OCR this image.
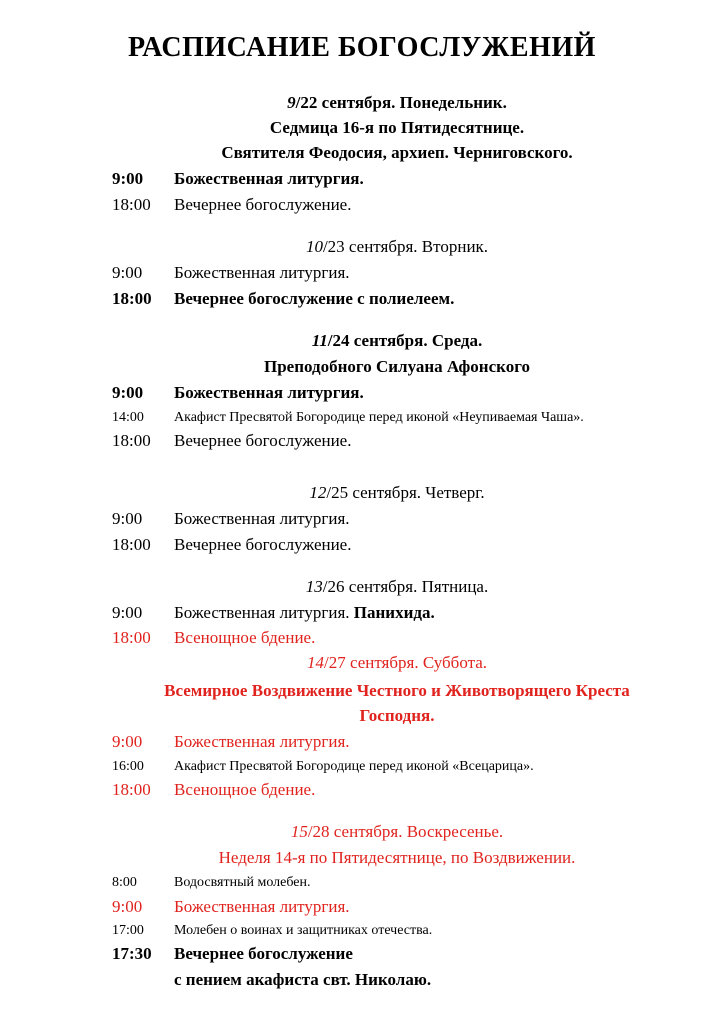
РАСПИСАНИЕ БОГОСЛУЖЕНИЙ
9/22 сентября. Понедельник.
Седмица 16-я по Пятидесятнице.
Святителя Феодосия, архиеп. Черниговского.
9:00 Божественная литургия.
18:00 Вечернее богослужение.
10/23 сентября. Вторник.
9:00 Божественная литургия.
18:00 Вечернее богослужение с полиелеем.
11/24 сентября. Среда.
Преподобного Силуана Афонского
9:00 Божественная литургия.
14:00 Акафист Пресвятой Богородице перед иконой «Неупиваемая Чаша».
18:00 Вечернее богослужение.
12/25 сентября. Четверг.
9:00 Божественная литургия.
18:00 Вечернее богослужение.
13/26 сентября. Пятница.
9:00 Божественная литургия. Панихида.
18:00 Всенощное бдение.
14/27 сентября. Суббота.
Всемирное Воздвижение Честного и Животворящего Креста
Господня.
9:00 Божественная литургия.
16:00 Акафист Пресвятой Богородице перед иконой «Всецарица».
18:00 Всенощное бдение.
15/28 сентября. Воскресенье.
Неделя 14-я по Пятидесятнице, по Воздвижении.
8:00	Водосвятный молебен.
9:00 Божественная литургия.
17:00 Молебен о воинах и защитниках отечества.
17:30 Вечернее богослужение
с пением акафиста свт. Николаю.
